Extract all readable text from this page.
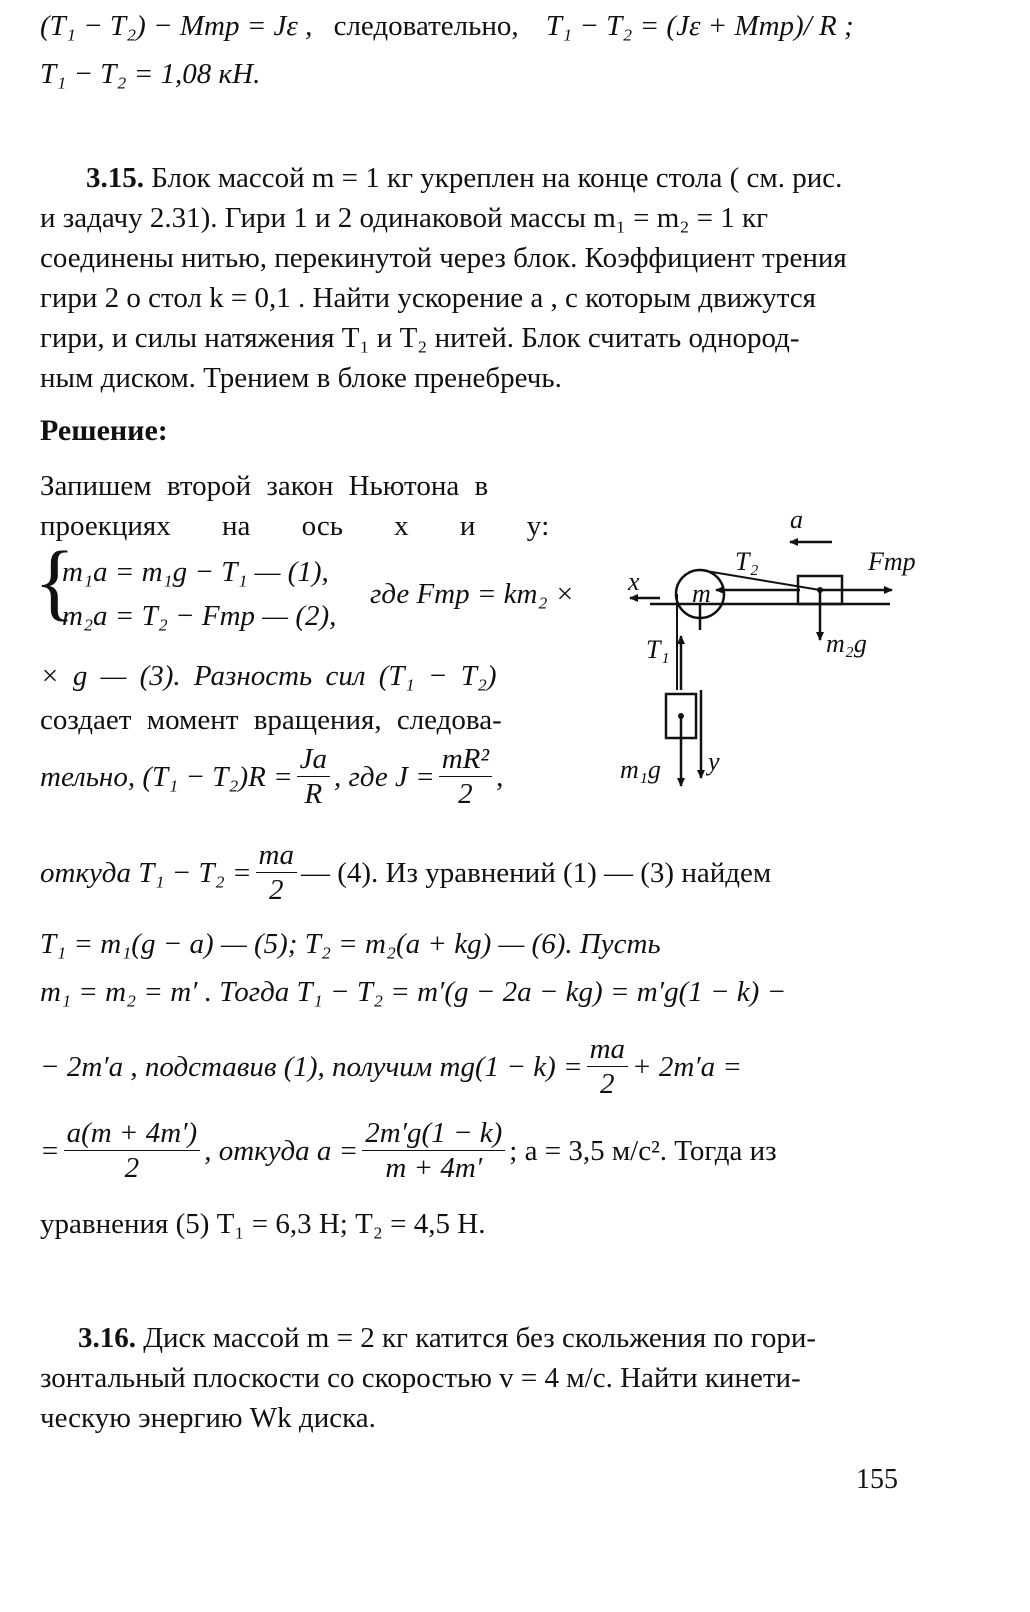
(T₁ − T₂) − Mтр = Jε , следовательно, T₁ − T₂ = (Jε + Mтр)/ R ;
T₁ − T₂ = 1,08 кН.
3.15. Блок массой m = 1 кг укреплен на конце стола ( см. рис.
и задачу 2.31). Гири 1 и 2 одинаковой массы m₁ = m₂ = 1 кг
соединены нитью, перекинутой через блок. Коэффициент трения
гири 2 о стол k = 0,1 . Найти ускорение a , с которым движутся
гири, и силы натяжения T₁ и T₂ нитей. Блок считать однород-
ным диском. Трением в блоке пренебречь.
Решение:
Запишем второй закон Ньютона в
проекциях на ось x и y:
{
m₁a = m₁g − T₁ — (1),
m₂a = T₂ − Fтр — (2),
где Fтр = km₂ ×
× g — (3). Разность сил (T₁ − T₂)
создает момент вращения, следова-
тельно, $(T_1 - T_2)R = \frac{Ja}{R}$ , где $J = \frac{\text{mR²}}{2}$ ,
откуда $T_1 - T_2 = \frac{ma}{2}$ — (4). Из уравнений (1) — (3) найдем
T₁ = m₁(g − a) — (5); T₂ = m₂(a + kg) — (6). Пусть
m₁ = m₂ = m′ . Тогда T₁ − T₂ = m′(g − 2a − kg) = m′g(1 − k) −
− 2m′a , подставив (1), получим $mg(1 - k) = \frac{ma}{2} + 2m'a$ =
= $\frac{a(m + 4m')}{2}$ , откуда $a = \frac{2m'g(1 - k)}{m + 4m'}$ ; a = 3,5 м/с². Тогда из
уравнения (5) T₁ = 6,3 Н; T₂ = 4,5 Н.
3.16. Диск массой m = 2 кг катится без скольжения по гори-
зонтальный плоскости со скоростью v = 4 м/с. Найти кинети-
ческую энергию Wk диска.
155
a
T₂	Fтр
x m
T₁	m₂g
m₁g y
